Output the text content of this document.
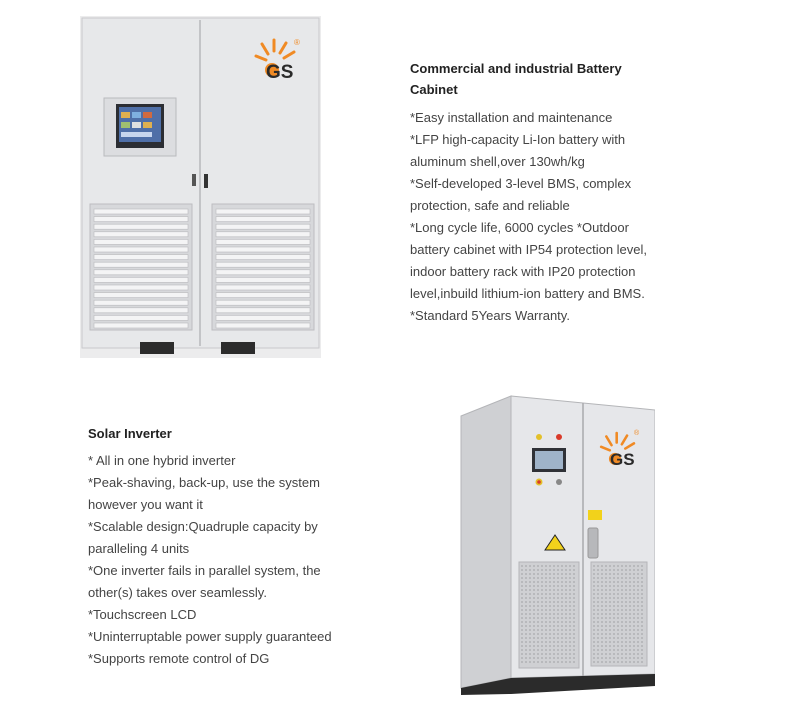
GS
®
Commercial and industrial Battery
Cabinet
*Easy installation and maintenance
*LFP high-capacity Li-Ion battery with
aluminum shell,over 130wh/kg
*Self-developed 3-level BMS, complex
protection, safe and reliable
*Long cycle life, 6000 cycles *Outdoor
battery cabinet with IP54 protection level,
indoor battery rack with IP20 protection
level,inbuild lithium-ion battery and BMS.
*Standard 5Years Warranty.
Solar Inverter
* All in one hybrid inverter
*Peak-shaving, back-up, use the system
however you want it
*Scalable design:Quadruple capacity by
paralleling 4 units
*One inverter fails in parallel system, the
other(s) takes over seamlessly.
*Touchscreen LCD
*Uninterruptable power supply guaranteed
*Supports remote control of DG
GS
®
